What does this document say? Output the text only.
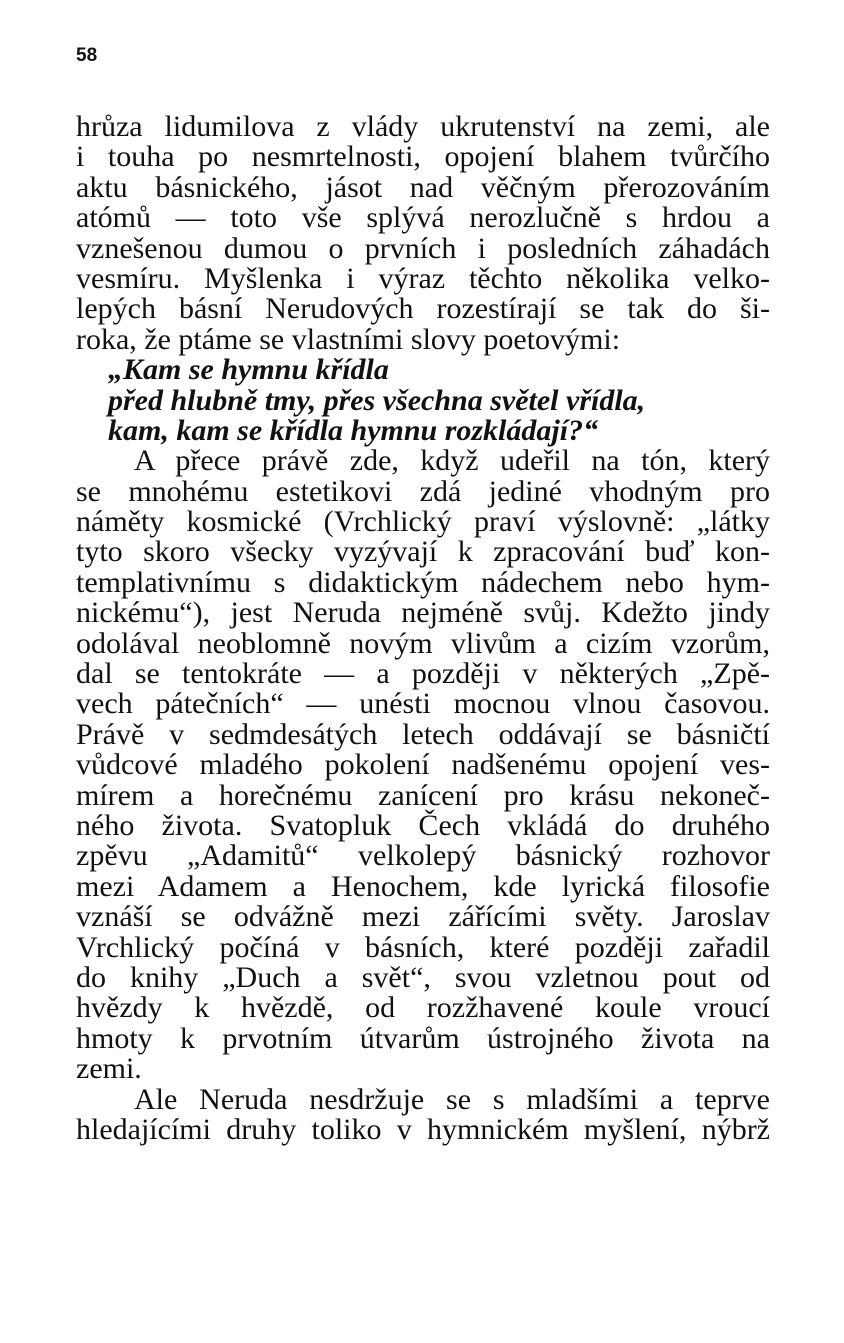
58
hrůza lidumilova z vlády ukrutenství na zemi, ale
i touha po nesmrtelnosti, opojení blahem tvůrčího
aktu básnického, jásot nad věčným přerozováním
atómů — toto vše splývá nerozlučně s hrdou a
vznešenou dumou o prvních i posledních záhadách
vesmíru. Myšlenka i výraz těchto několika velko-
lepých básní Nerudových rozestírají se tak do ši-
roka, že ptáme se vlastními slovy poetovými:
„Kam se hymnu křídla
před hlubně tmy, přes všechna světel vřídla,
kam, kam se křídla hymnu rozkládají?“
A přece právě zde, když udeřil na tón, který
se mnohému estetikovi zdá jediné vhodným pro
náměty kosmické (Vrchlický praví výslovně: „látky
tyto skoro všecky vyzývají k zpracování buď kon-
templativnímu s didaktickým nádechem nebo hym-
nickému“), jest Neruda nejméně svůj. Kdežto jindy
odolával neoblomně novým vlivům a cizím vzorům,
dal se tentokráte — a později v některých „Zpě-
vech pátečních“ — unésti mocnou vlnou časovou.
Právě v sedmdesátých letech oddávají se básničtí
vůdcové mladého pokolení nadšenému opojení ves-
mírem a horečnému zanícení pro krásu nekoneč-
ného života. Svatopluk Čech vkládá do druhého
zpěvu „Adamitů“ velkolepý básnický rozhovor
mezi Adamem a Henochem, kde lyrická filosofie
vznáší se odvážně mezi zářícími světy. Jaroslav
Vrchlický počíná v básních, které později zařadil
do knihy „Duch a svět“, svou vzletnou pout od
hvězdy k hvězdě, od rozžhavené koule vroucí
hmoty k prvotním útvarům ústrojného života na
zemi.
Ale Neruda nesdržuje se s mladšími a teprve
hledajícími druhy toliko v hymnickém myšlení, nýbrž
